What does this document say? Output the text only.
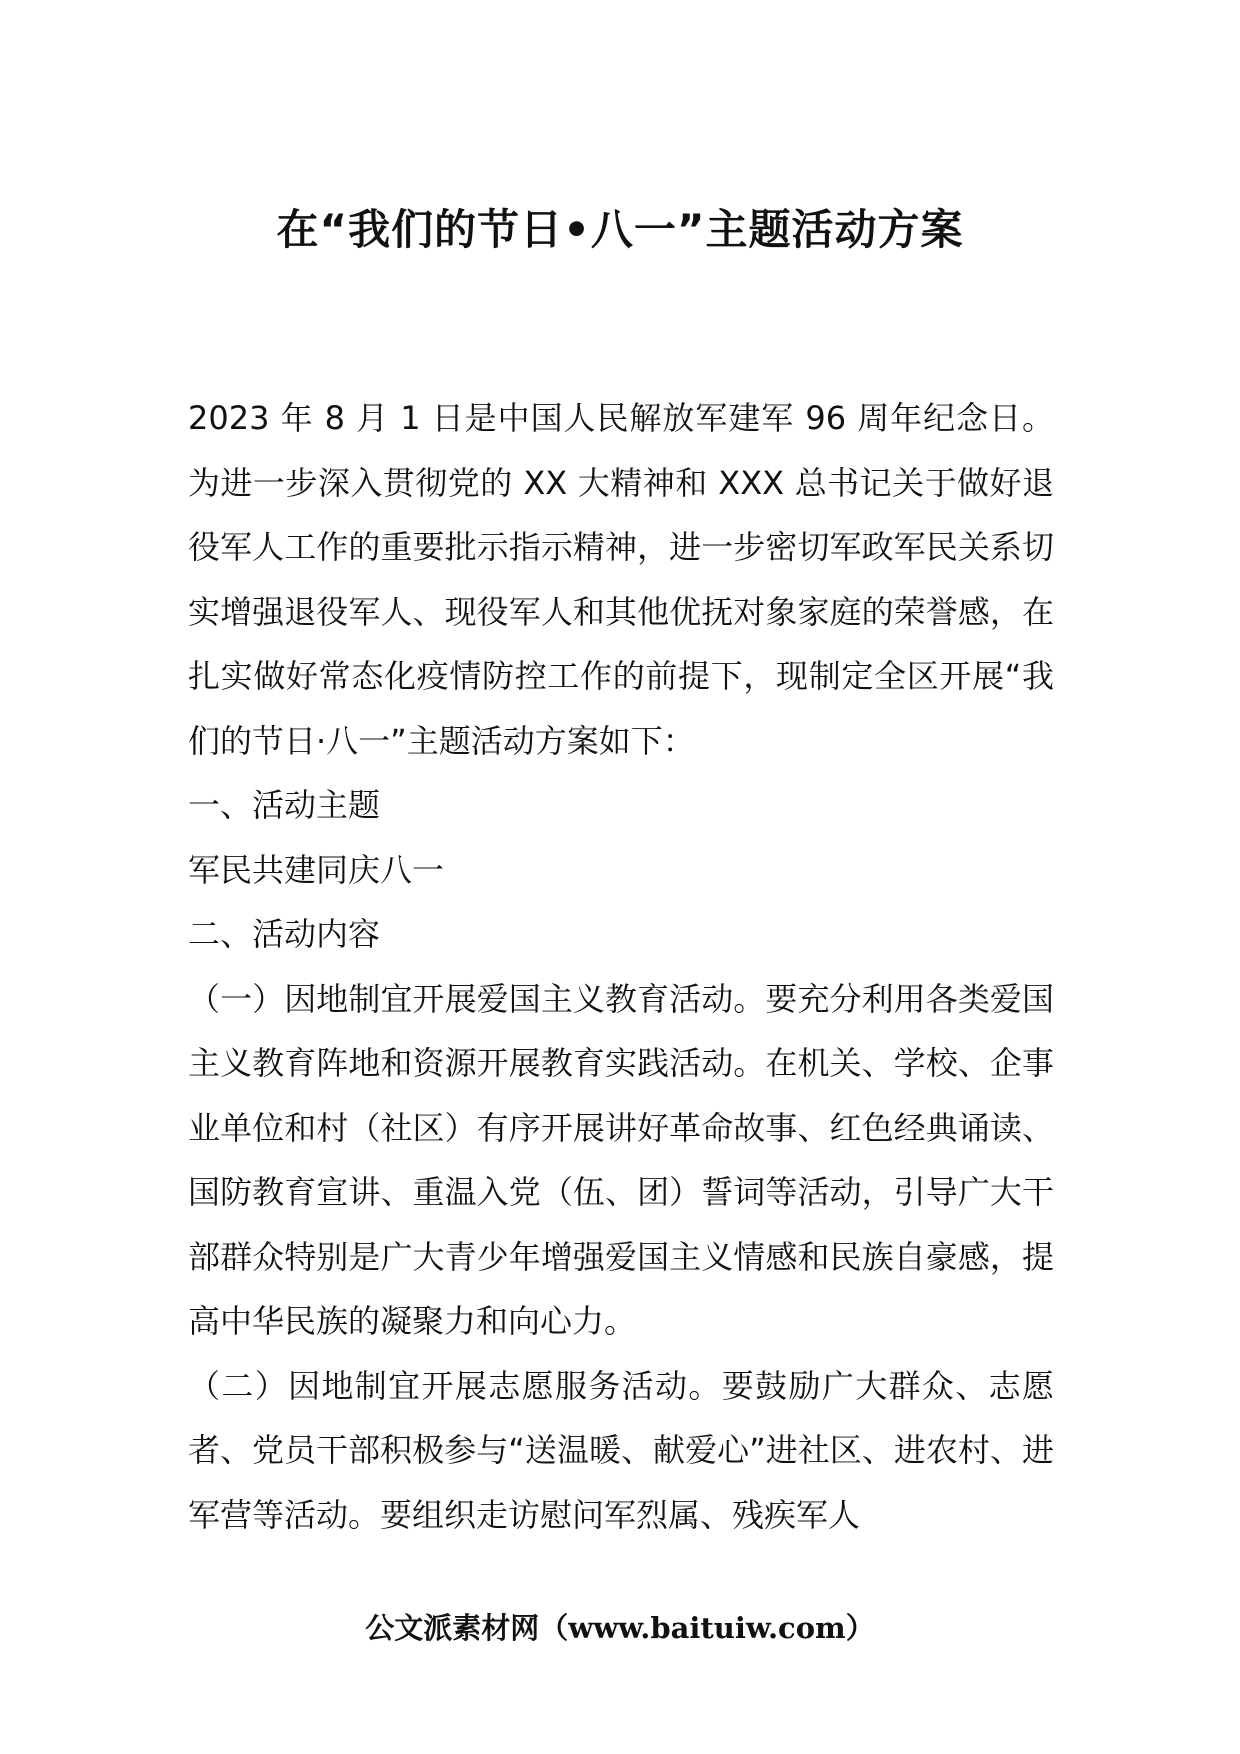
在“我们的节日•八一”主题活动方案

2023 年 8 月 1 日是中国人民解放军建军 96 周年纪念日。为进一步深入贯彻党的 XX 大精神和 XXX 总书记关于做好退役军人工作的重要批示指示精神，进一步密切军政军民关系切实增强退役军人、现役军人和其他优抚对象家庭的荣誉感，在扎实做好常态化疫情防控工作的前提下，现制定全区开展“我们的节日·八一”主题活动方案如下：

一、活动主题

军民共建同庆八一

二、活动内容

（一）因地制宜开展爱国主义教育活动。要充分利用各类爱国主义教育阵地和资源开展教育实践活动。在机关、学校、企事业单位和村（社区）有序开展讲好革命故事、红色经典诵读、国防教育宣讲、重温入党（伍、团）誓词等活动，引导广大干部群众特别是广大青少年增强爱国主义情感和民族自豪感，提高中华民族的凝聚力和向心力。

（二）因地制宜开展志愿服务活动。要鼓励广大群众、志愿者、党员干部积极参与“送温暖、献爱心”进社区、进农村、进军营等活动。要组织走访慰问军烈属、残疾军人

公文派素材网（www.baituiw.com）
